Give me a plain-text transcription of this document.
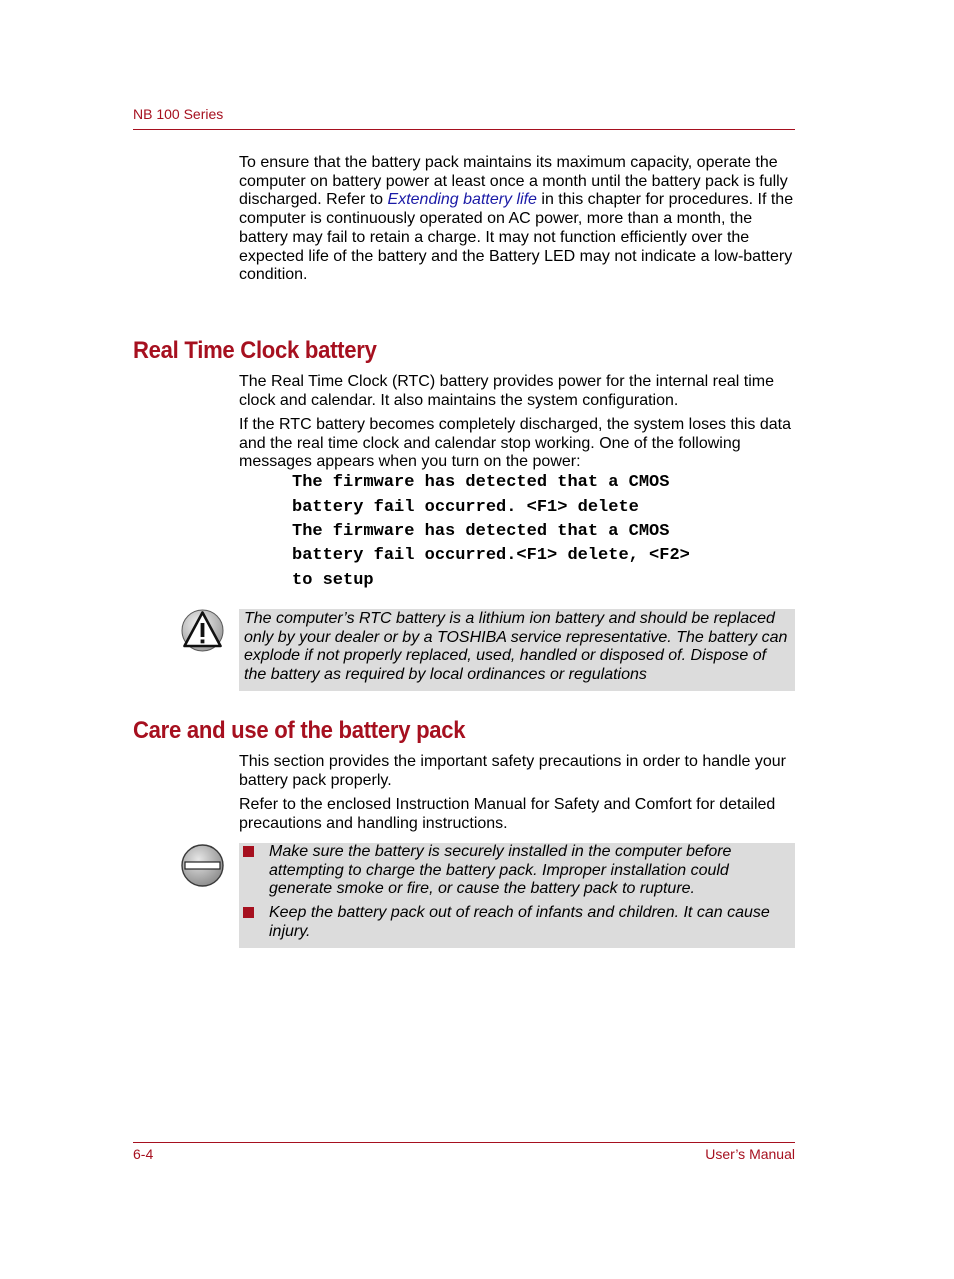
NB 100 Series

To ensure that the battery pack maintains its maximum capacity, operate the computer on battery power at least once a month until the battery pack is fully discharged. Refer to Extending battery life in this chapter for procedures. If the computer is continuously operated on AC power, more than a month, the battery may fail to retain a charge. It may not function efficiently over the expected life of the battery and the Battery LED may not indicate a low-battery condition.

Real Time Clock battery

The Real Time Clock (RTC) battery provides power for the internal real time clock and calendar. It also maintains the system configuration.

If the RTC battery becomes completely discharged, the system loses this data and the real time clock and calendar stop working. One of the following messages appears when you turn on the power:

The firmware has detected that a CMOS
battery fail occurred. <F1> delete
The firmware has detected that a CMOS
battery fail occurred.<F1> delete, <F2>
to setup

The computer’s RTC battery is a lithium ion battery and should be replaced only by your dealer or by a TOSHIBA service representative. The battery can explode if not properly replaced, used, handled or disposed of. Dispose of the battery as required by local ordinances or regulations

Care and use of the battery pack

This section provides the important safety precautions in order to handle your battery pack properly.

Refer to the enclosed Instruction Manual for Safety and Comfort for detailed precautions and handling instructions.

Make sure the battery is securely installed in the computer before attempting to charge the battery pack. Improper installation could generate smoke or fire, or cause the battery pack to rupture.

Keep the battery pack out of reach of infants and children. It can cause injury.

6-4	User’s Manual
